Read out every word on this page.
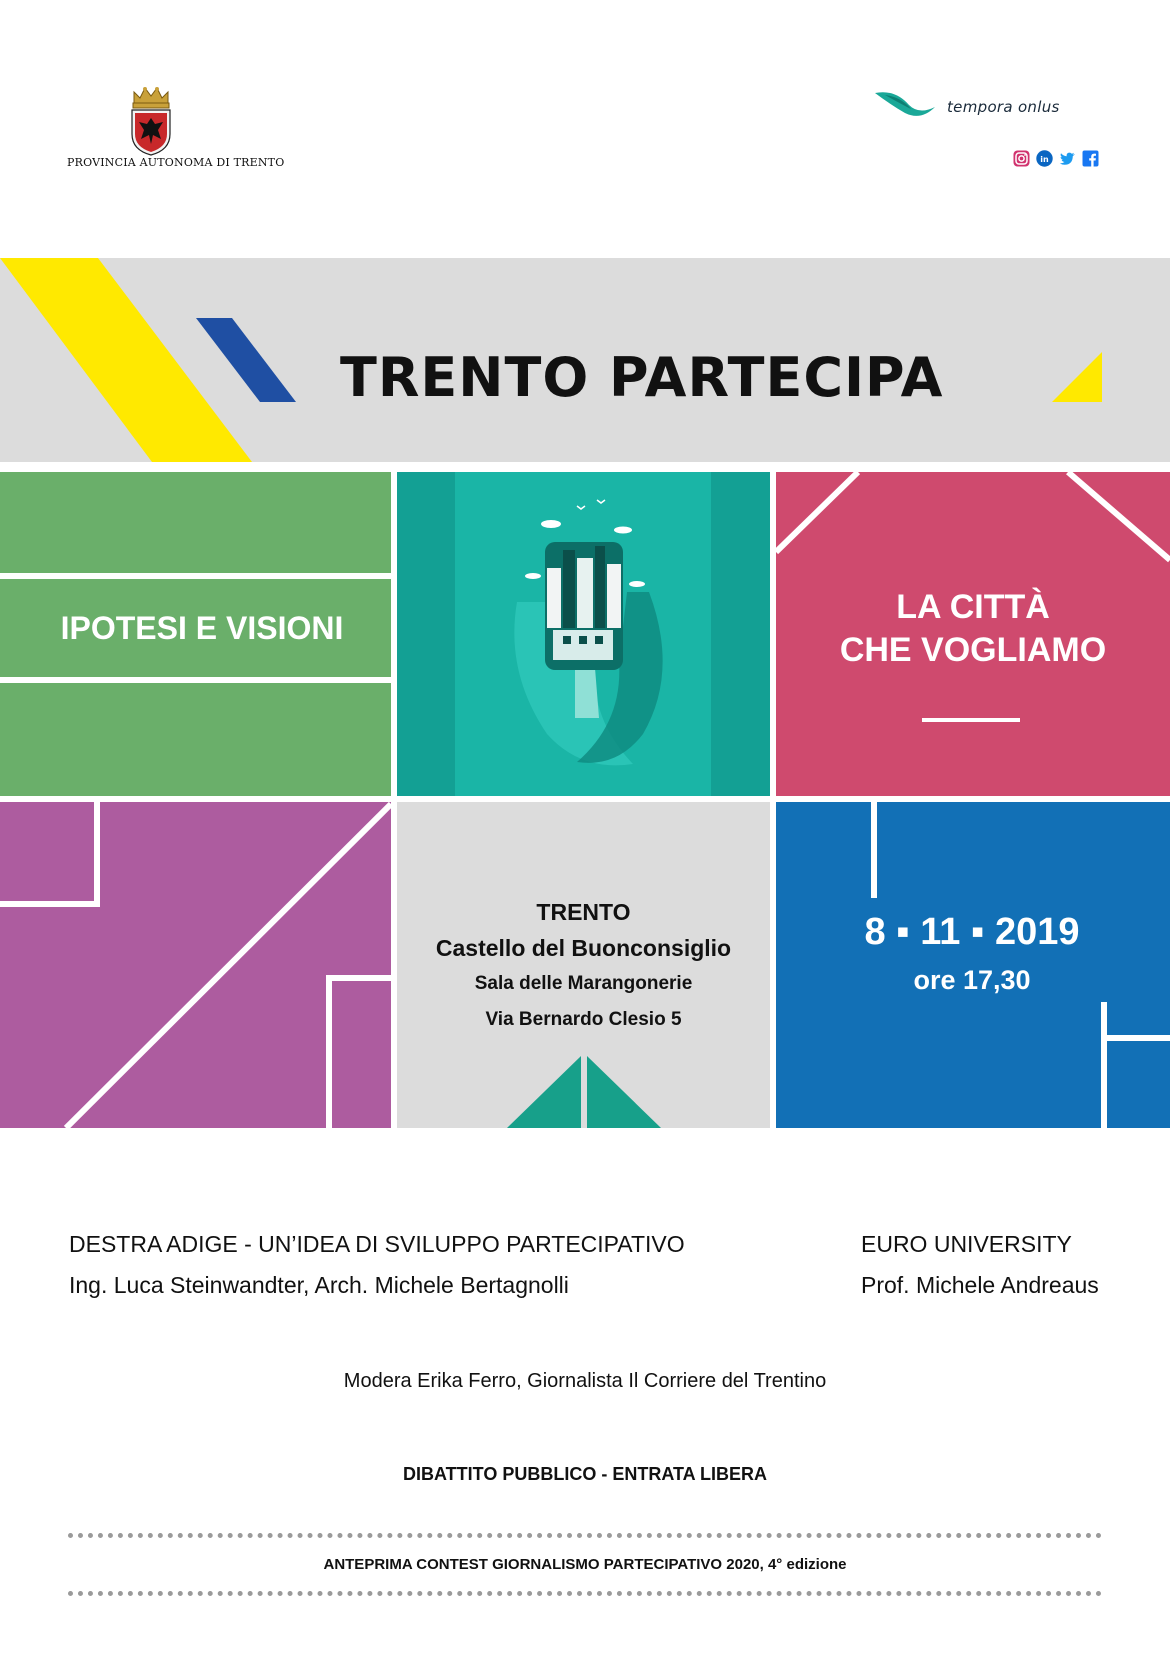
PROVINCIA AUTONOMA DI TRENTO
tempora onlus
in
TRENTO PARTECIPA
IPOTESI E VISIONI
LA CITTÀ
CHE VOGLIAMO
TRENTO
Castello del Buonconsiglio
Sala delle Marangonerie
Via Bernardo Clesio 5
8 ▪ 11 ▪ 2019
ore 17,30
DESTRA ADIGE - UN’IDEA DI SVILUPPO PARTECIPATIVO
Ing. Luca Steinwandter, Arch. Michele Bertagnolli
EURO UNIVERSITY
Prof. Michele Andreaus
Modera Erika Ferro, Giornalista Il Corriere del Trentino
DIBATTITO PUBBLICO - ENTRATA LIBERA
ANTEPRIMA CONTEST GIORNALISMO PARTECIPATIVO 2020, 4° edizione
